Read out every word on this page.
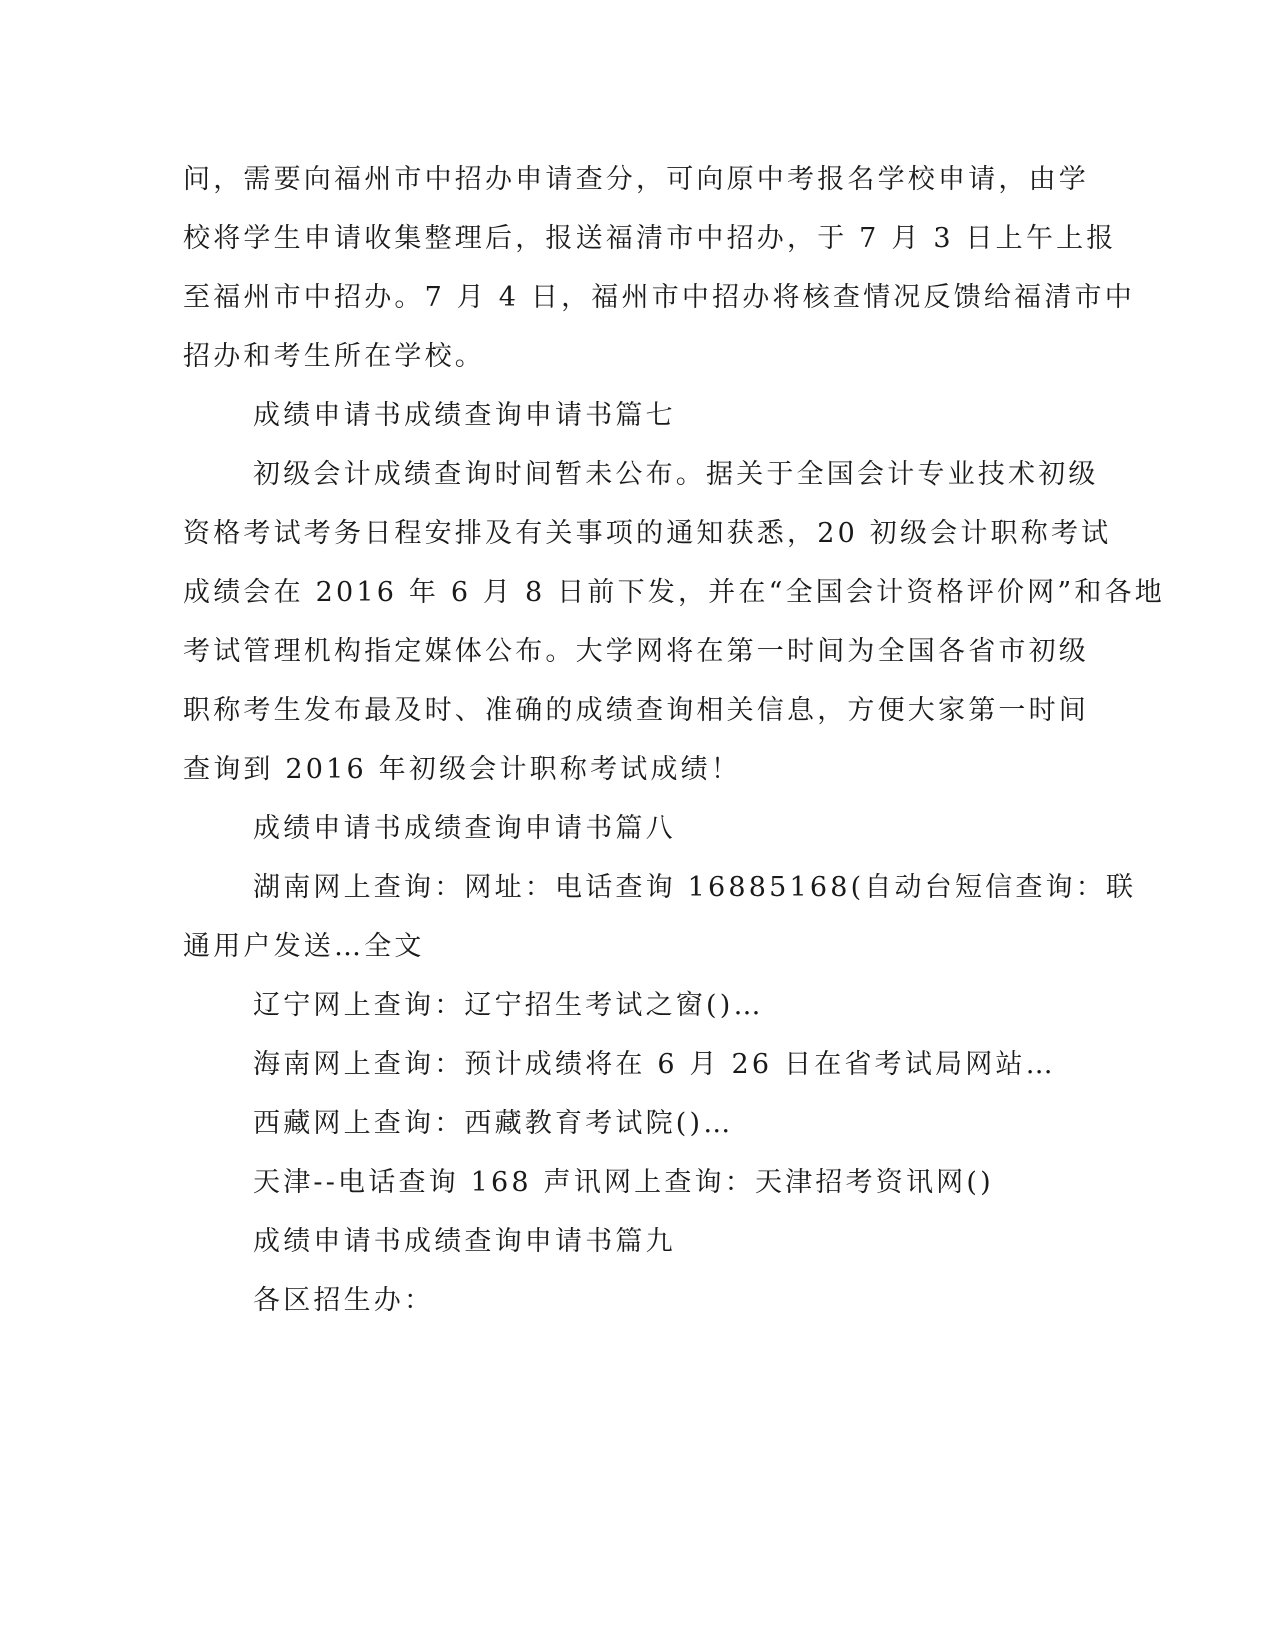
问，需要向福州市中招办申请查分，可向原中考报名学校申请，由学
校将学生申请收集整理后，报送福清市中招办，于 7 月 3 日上午上报
至福州市中招办。7 月 4 日，福州市中招办将核查情况反馈给福清市中
招办和考生所在学校。
成绩申请书成绩查询申请书篇七
初级会计成绩查询时间暂未公布。据关于全国会计专业技术初级
资格考试考务日程安排及有关事项的通知获悉，20 初级会计职称考试
成绩会在 2016 年 6 月 8 日前下发，并在“全国会计资格评价网”和各地
考试管理机构指定媒体公布。大学网将在第一时间为全国各省市初级
职称考生发布最及时、准确的成绩查询相关信息，方便大家第一时间
查询到 2016 年初级会计职称考试成绩！
成绩申请书成绩查询申请书篇八
湖南网上查询：网址：电话查询 16885168(自动台短信查询：联
通用户发送…全文
辽宁网上查询：辽宁招生考试之窗()…
海南网上查询：预计成绩将在 6 月 26 日在省考试局网站…
西藏网上查询：西藏教育考试院()…
天津--电话查询 168 声讯网上查询：天津招考资讯网()
成绩申请书成绩查询申请书篇九
各区招生办：
